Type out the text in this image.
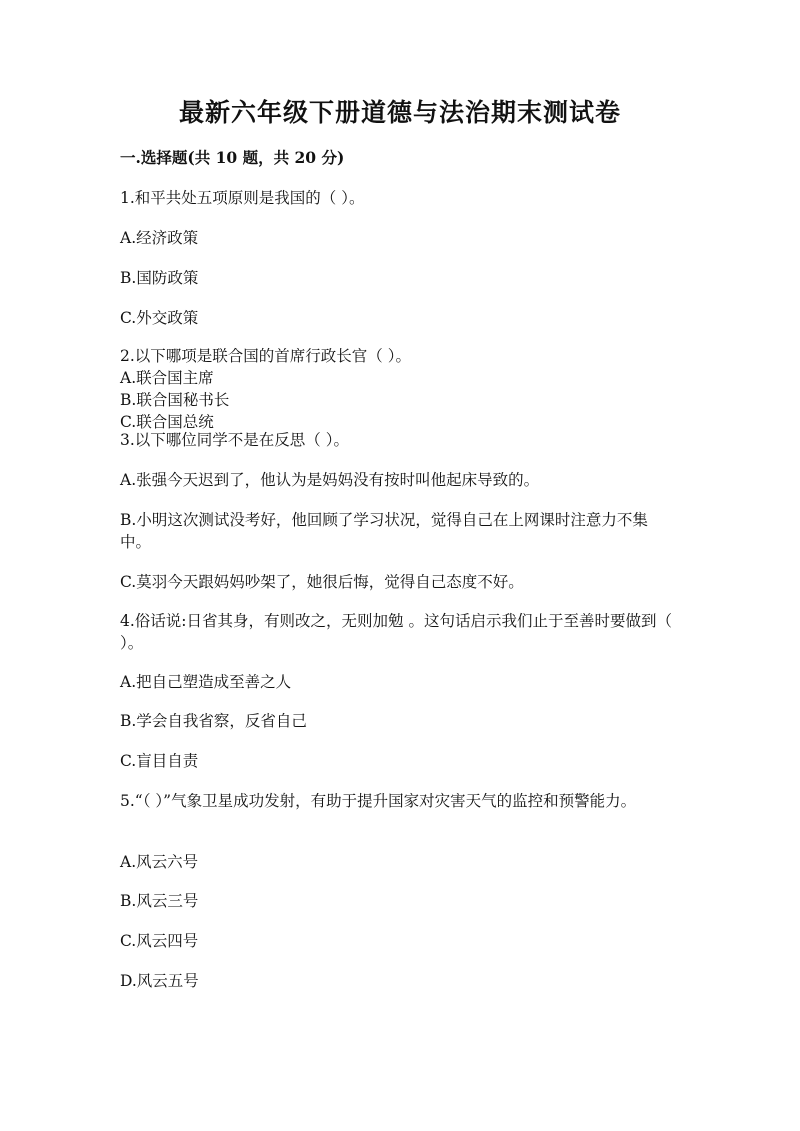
最新六年级下册道德与法治期末测试卷
一.选择题(共 10 题，共 20 分)
1.和平共处五项原则是我国的（ ）。
A.经济政策
B.国防政策
C.外交政策
2.以下哪项是联合国的首席行政长官（ ）。
A.联合国主席
B.联合国秘书长
C.联合国总统
3.以下哪位同学不是在反思（ ）。
A.张强今天迟到了，他认为是妈妈没有按时叫他起床导致的。
B.小明这次测试没考好，他回顾了学习状况，觉得自己在上网课时注意力不集中。
C.莫羽今天跟妈妈吵架了，她很后悔，觉得自己态度不好。
4.俗话说:日省其身，有则改之，无则加勉 。这句话启示我们止于至善时要做到（ ）。
A.把自己塑造成至善之人
B.学会自我省察，反省自己
C.盲目自责
5.“（ ）”气象卫星成功发射，有助于提升国家对灾害天气的监控和预警能力。
A.风云六号
B.风云三号
C.风云四号
D.风云五号
